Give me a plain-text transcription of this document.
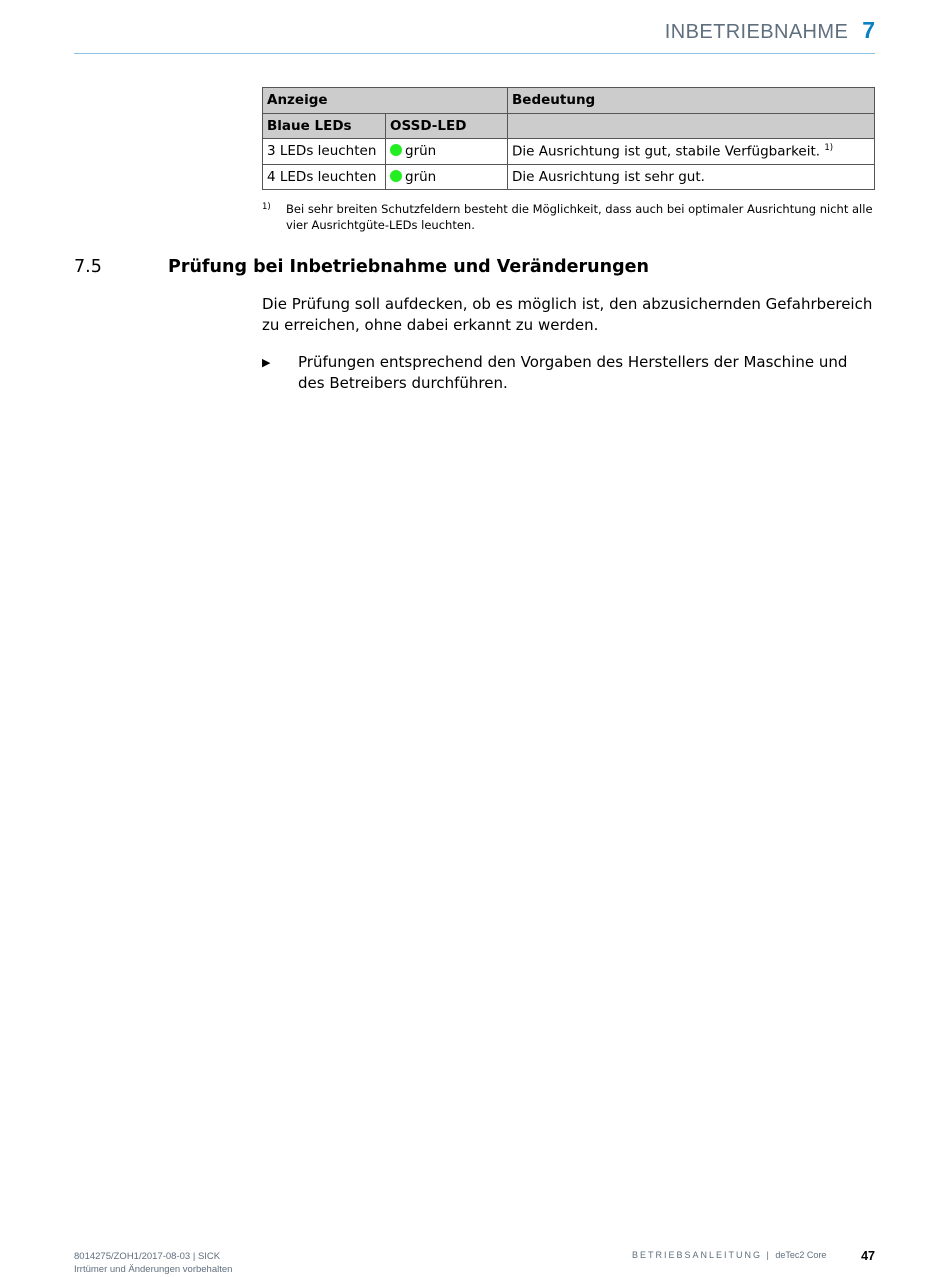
INBETRIEBNAHME 7
Anzeige		Bedeutung
Blaue LEDs	OSSD-LED	
3 LEDs leuchten	grün	Die Ausrichtung ist gut, stabile Verfügbarkeit. $^{1)}$
4 LEDs leuchten	grün	Die Ausrichtung ist sehr gut.
1)	Bei sehr breiten Schutzfeldern besteht die Möglichkeit, dass auch bei optimaler Ausrichtung nicht alle vier Ausrichtgüte-LEDs leuchten.
7.5	Prüfung bei Inbetriebnahme und Veränderungen

Die Prüfung soll aufdecken, ob es möglich ist, den abzusichernden Gefahrbereich zu erreichen, ohne dabei erkannt zu werden.

▶	Prüfungen entsprechend den Vorgaben des Herstellers der Maschine und des Betreibers durchführen.
8014275/ZOH1/2017-08-03 | SICK
Irrtümer und Änderungen vorbehalten
BETRIEBSANLEITUNG | deTec2 Core	47
